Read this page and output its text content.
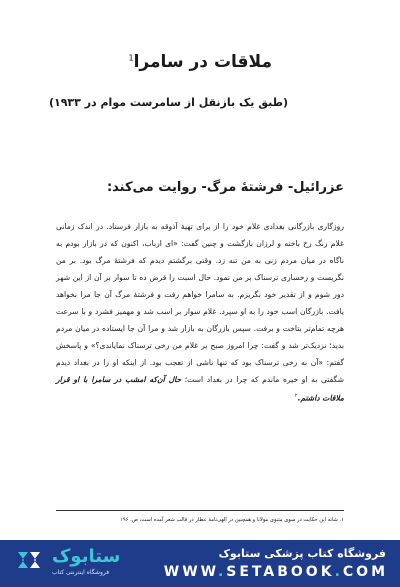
ملاقات در سامرا$^1$
(طبق یک بازنقل از سامرست موام در ۱۹۳۳)
عزرائیل- فرشتهٔ مرگ- روایت می‌کند:
روزگاری بازرگانی بغدادی غلام خود را از برای تهیهٔ آذوقه به بازار فرستاد. در اندک زمانی غلام رنگ رخ باخته و لرزان بازگشت و چنین گفت: «ای ارباب، اکنون که در بازار بودم به ناگاه در میان مردم زنی به من تنه زد. وقتی برگشتم دیدم که فرشتهٔ مرگ بود. بر من نگریست و رخساری ترسناک بر من نمود. حال اسبت را قرض ده تا سوار بر آن از این شهر دور شوم و از تقدیر خود بگریزم. به سامرا خواهم رفت و فرشتهٔ مرگ آن جا مرا نخواهد یافت. بازرگان اسب خود را به او سپرد. غلام سوار بر اسب شد و مهمیز فشرد و با سرعت هرچه تمام‌تر بتاخت و برفت. سپس بازرگان به بازار شد و مرا آن جا ایستاده در میان مردم بدید؛ نزدیک‌تر شد و گفت: چرا امروز صبح بر غلام من رخی ترسناک نمایاندی؟» و پاسخش گفتم: «آن نه رخی ترسناک بود که تنها ناشی از تعجب بود. از اینکه او را در بغداد دیدم شگفتی به او خیره ماندم که چرا در بغداد است؛ حال آن‌که امشب در سامرا با او قرار ملاقات داشتم.$^۲$
۱. شانه این حکایت در سوی مثنوی مولانا و همچنین در الهی‌نامهٔ عطار در قالب شعر آمده است، ص. ۱۹۶
ستابوک
فروشگاه اینترنتی کتاب
فروشگاه کتاب پزشکی ستابوک
WWW.SETABOOK.COM
